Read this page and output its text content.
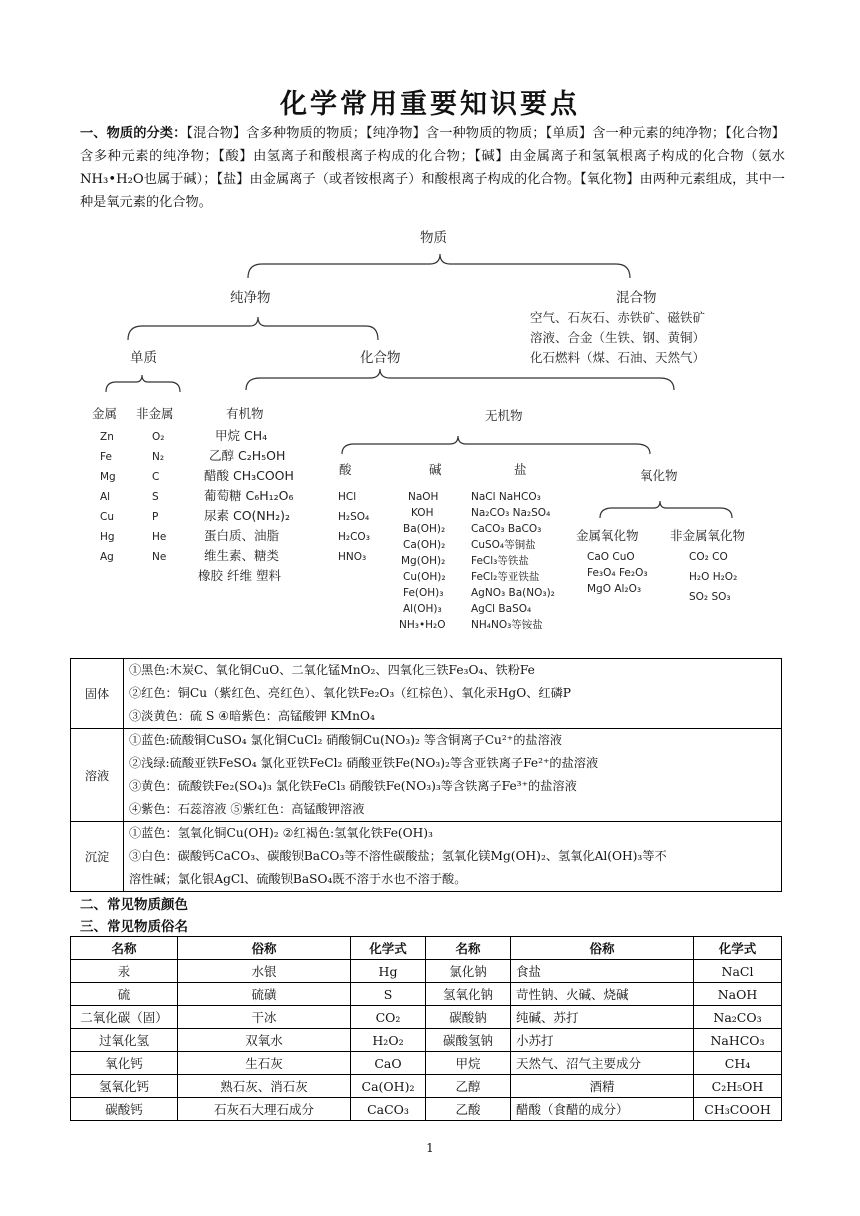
化学常用重要知识要点
一、物质的分类：【混合物】含多种物质的物质；【纯净物】含一种物质的物质；【单质】含一种元素的纯净物；【化合物】含多种元素的纯净物；【酸】由氢离子和酸根离子构成的化合物；【碱】由金属离子和氢氧根离子构成的化合物（氨水NH₃•H₂O也属于碱）；【盐】由金属离子（或者铵根离子）和酸根离子构成的化合物。【氧化物】由两种元素组成，其中一种是氧元素的化合物。
物质
纯净物	混合物
空气、石灰石、赤铁矿、磁铁矿
溶液、合金（生铁、钢、黄铜）
化石燃料（煤、石油、天然气）
单质	化合物
金属 非金属
Zn
Fe
Mg
Al
Cu
Hg
Ag
O₂
N₂
C
S
P
He
Ne
有机物
甲烷 CH₄
乙醇 C₂H₅OH
醋酸 CH₃COOH
葡萄糖 C₆H₁₂O₆
尿素 CO(NH₂)₂
蛋白质、油脂
维生素、糖类
橡胶 纤维 塑料
无机物
酸
HCl
H₂SO₄
H₂CO₃
HNO₃
碱
NaOH
KOH
Ba(OH)₂
Ca(OH)₂
Mg(OH)₂
Cu(OH)₂
Fe(OH)₃
Al(OH)₃
NH₃•H₂O
盐
NaCl NaHCO₃
Na₂CO₃ Na₂SO₄
CaCO₃ BaCO₃
CuSO₄等铜盐
FeCl₃等铁盐
FeCl₂等亚铁盐
AgNO₃ Ba(NO₃)₂
AgCl BaSO₄
NH₄NO₃等铵盐
氧化物
金属氧化物	非金属氧化物
CaO CuO
Fe₃O₄ Fe₂O₃
MgO Al₂O₃
CO₂ CO
H₂O H₂O₂
SO₂ SO₃
固体	①黑色:木炭C、氧化铜CuO、二氧化锰MnO₂、四氧化三铁Fe₃O₄、铁粉Fe
②红色：铜Cu（紫红色、亮红色）、氧化铁Fe₂O₃（红棕色）、氧化汞HgO、红磷P
③淡黄色：硫 S ④暗紫色：高锰酸钾 KMnO₄

溶液	①蓝色:硫酸铜CuSO₄ 氯化铜CuCl₂ 硝酸铜Cu(NO₃)₂ 等含铜离子Cu²⁺的盐溶液
②浅绿:硫酸亚铁FeSO₄ 氯化亚铁FeCl₂ 硝酸亚铁Fe(NO₃)₂等含亚铁离子Fe²⁺的盐溶液
③黄色：硫酸铁Fe₂(SO₄)₃ 氯化铁FeCl₃ 硝酸铁Fe(NO₃)₃等含铁离子Fe³⁺的盐溶液
④紫色：石蕊溶液 ⑤紫红色：高锰酸钾溶液

沉淀	①蓝色：氢氧化铜Cu(OH)₂ ②红褐色:氢氧化铁Fe(OH)₃
③白色：碳酸钙CaCO₃、碳酸钡BaCO₃等不溶性碳酸盐；氢氧化镁Mg(OH)₂、氢氧化Al(OH)₃等不
溶性碱；氯化银AgCl、硫酸钡BaSO₄既不溶于水也不溶于酸。
二、常见物质颜色
三、常见物质俗名
名称	俗称	化学式	名称	俗称	化学式
汞	水银	Hg	氯化钠	食盐	NaCl
硫	硫磺	S	氢氧化钠	苛性钠、火碱、烧碱	NaOH
二氧化碳（固）	干冰	CO₂	碳酸钠	纯碱、苏打	Na₂CO₃
过氧化氢	双氧水	H₂O₂	碳酸氢钠	小苏打	NaHCO₃
氧化钙	生石灰	CaO	甲烷	天然气、沼气主要成分	CH₄
氢氧化钙	熟石灰、消石灰	Ca(OH)₂	乙醇	酒精	C₂H₅OH
碳酸钙	石灰石大理石成分	CaCO₃	乙酸	醋酸（食醋的成分）	CH₃COOH
1
